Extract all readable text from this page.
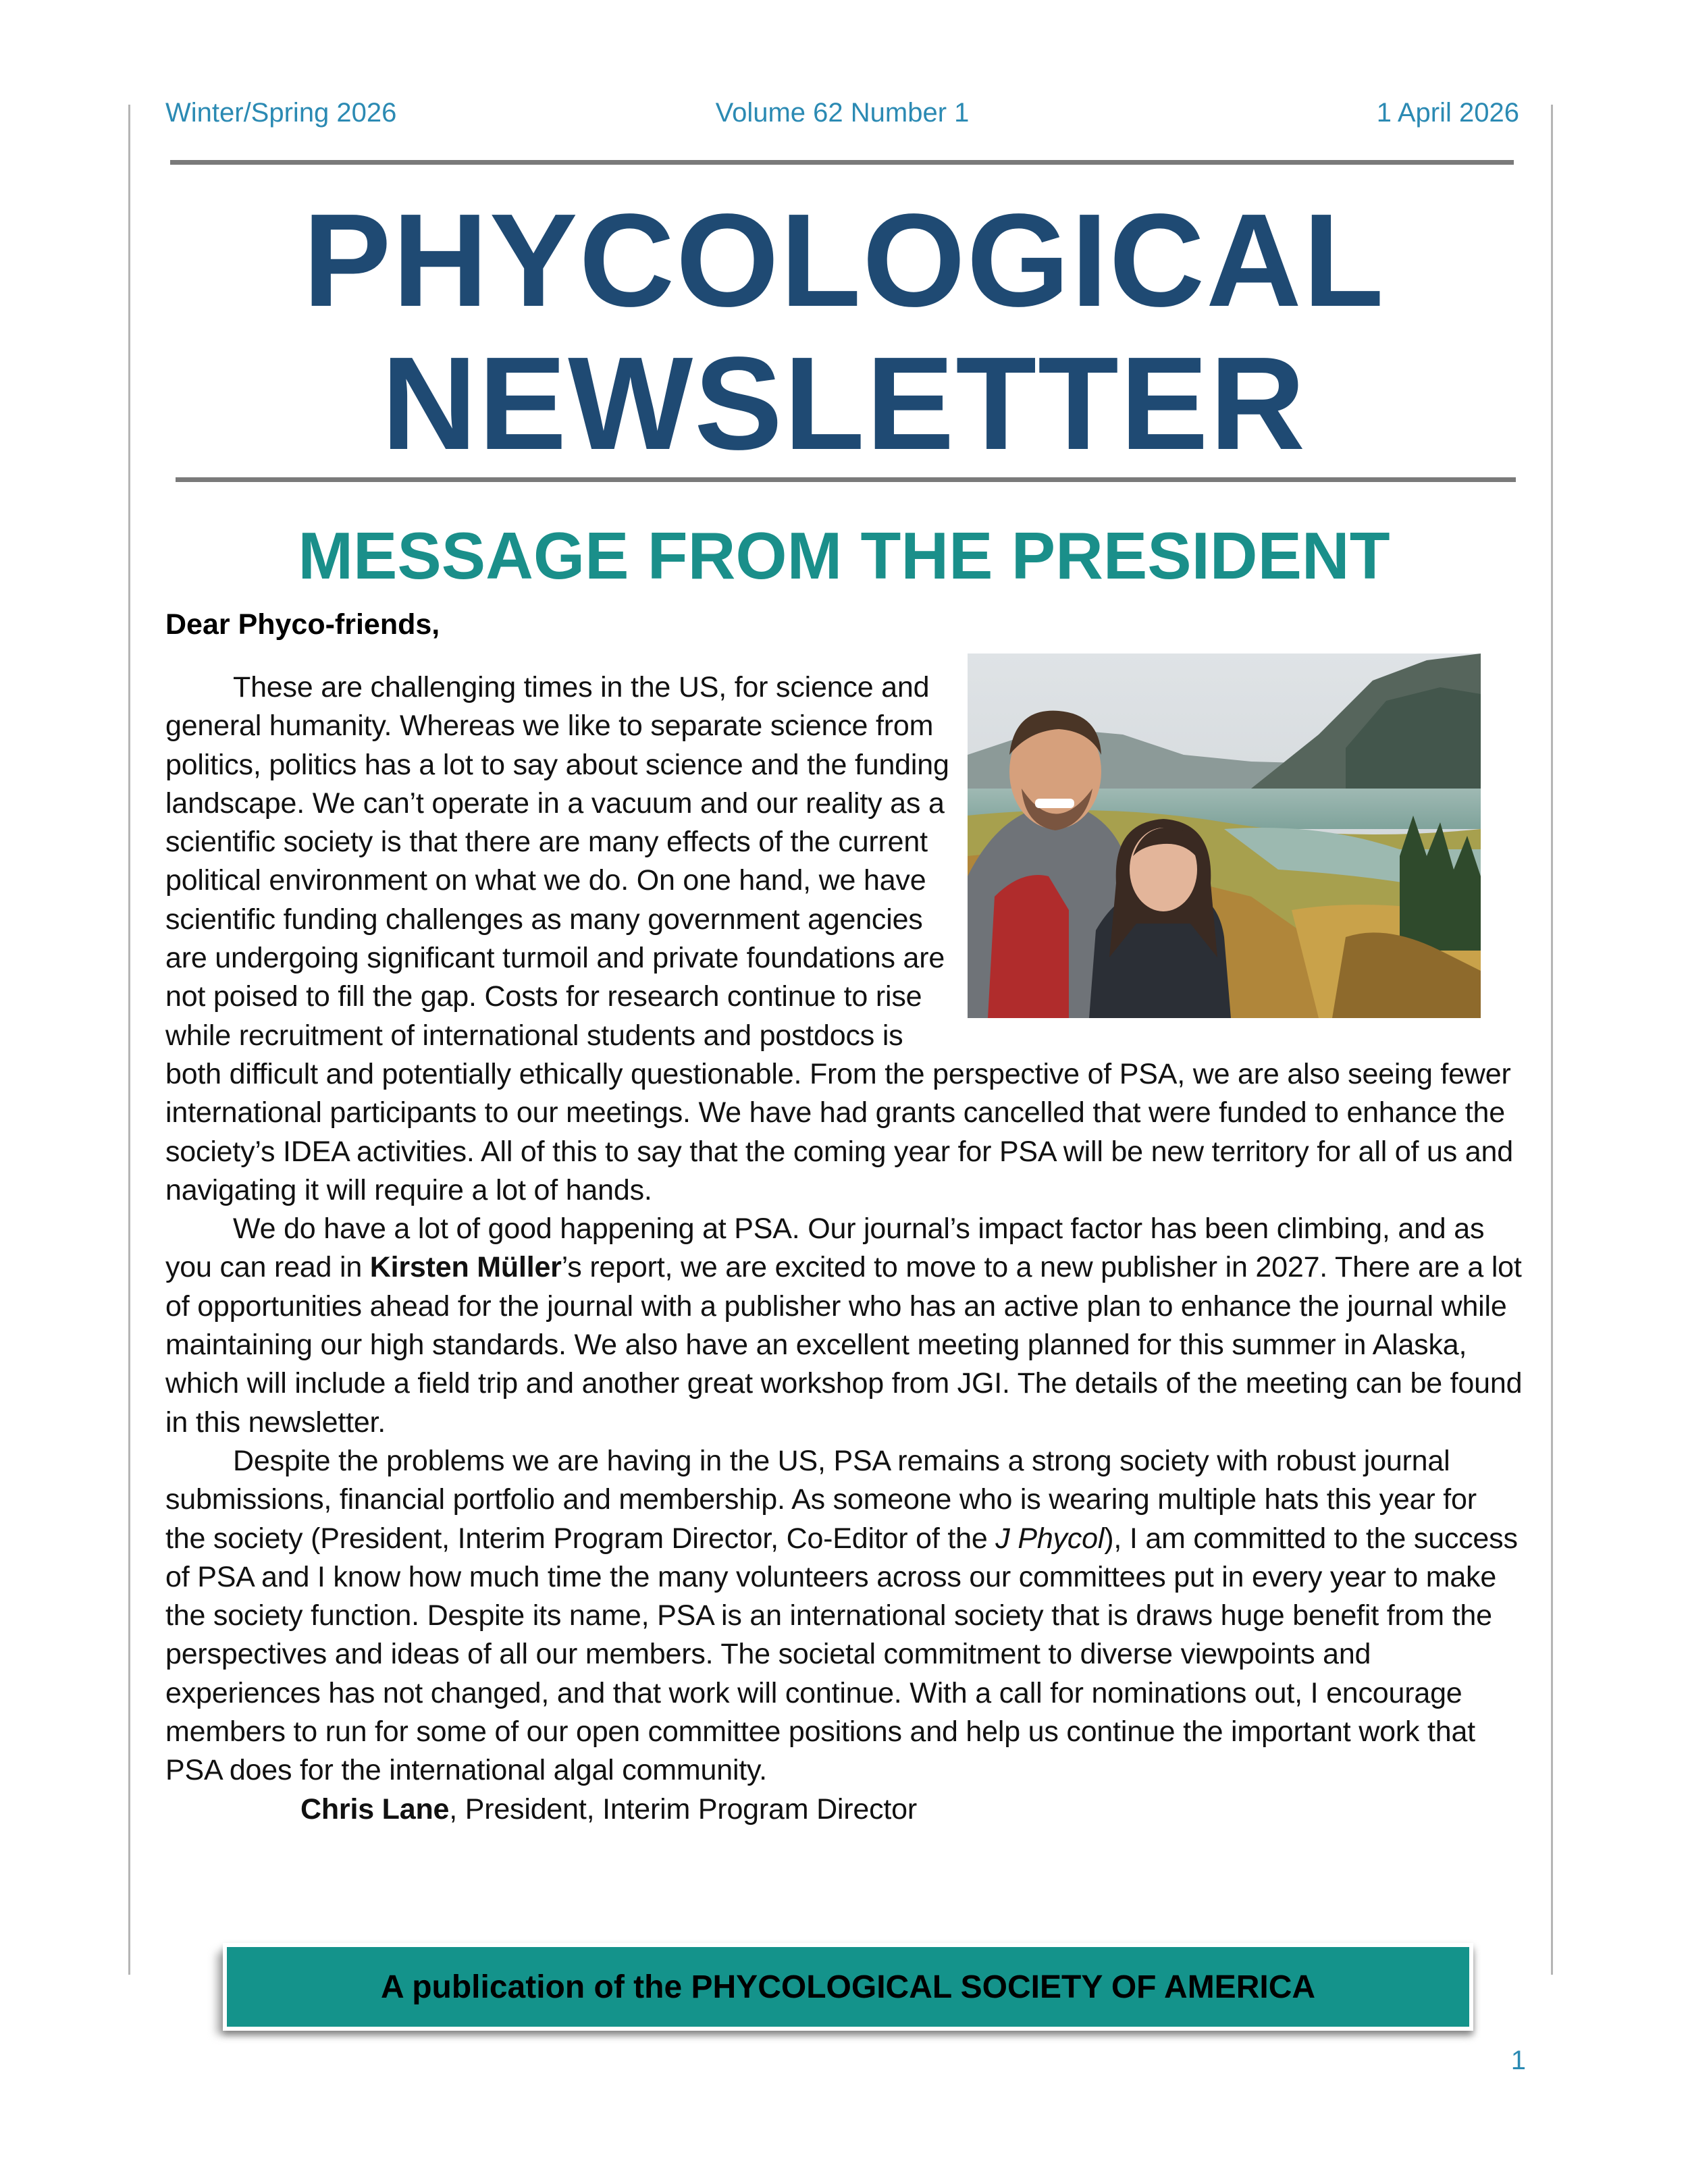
Winter/Spring 2026	Volume 62 Number 1	1 April 2026
PHYCOLOGICAL
NEWSLETTER
MESSAGE FROM THE PRESIDENT
Dear Phyco-friends,

These are challenging times in the US, for science and general humanity. Whereas we like to separate science from politics, politics has a lot to say about science and the funding landscape. We can’t operate in a vacuum and our reality as a scientific society is that there are many effects of the current political environment on what we do. On one hand, we have scientific funding challenges as many government agencies are undergoing significant turmoil and private foundations are not poised to fill the gap. Costs for research continue to rise while recruitment of international students and postdocs is both difficult and potentially ethically questionable. From the perspective of PSA, we are also seeing fewer international participants to our meetings. We have had grants cancelled that were funded to enhance the society’s IDEA activities. All of this to say that the coming year for PSA will be new territory for all of us and navigating it will require a lot of hands.

We do have a lot of good happening at PSA. Our journal’s impact factor has been climbing, and as you can read in Kirsten Müller’s report, we are excited to move to a new publisher in 2027. There are a lot of opportunities ahead for the journal with a publisher who has an active plan to enhance the journal while maintaining our high standards. We also have an excellent meeting planned for this summer in Alaska, which will include a field trip and another great workshop from JGI. The details of the meeting can be found in this newsletter.

Despite the problems we are having in the US, PSA remains a strong society with robust journal submissions, financial portfolio and membership. As someone who is wearing multiple hats this year for the society (President, Interim Program Director, Co-Editor of the J Phycol), I am committed to the success of PSA and I know how much time the many volunteers across our committees put in every year to make the society function. Despite its name, PSA is an international society that is draws huge benefit from the perspectives and ideas of all our members. The societal commitment to diverse viewpoints and experiences has not changed, and that work will continue. With a call for nominations out, I encourage members to run for some of our open committee positions and help us continue the important work that PSA does for the international algal community.

Chris Lane, President, Interim Program Director

A publication of the PHYCOLOGICAL SOCIETY OF AMERICA
1
